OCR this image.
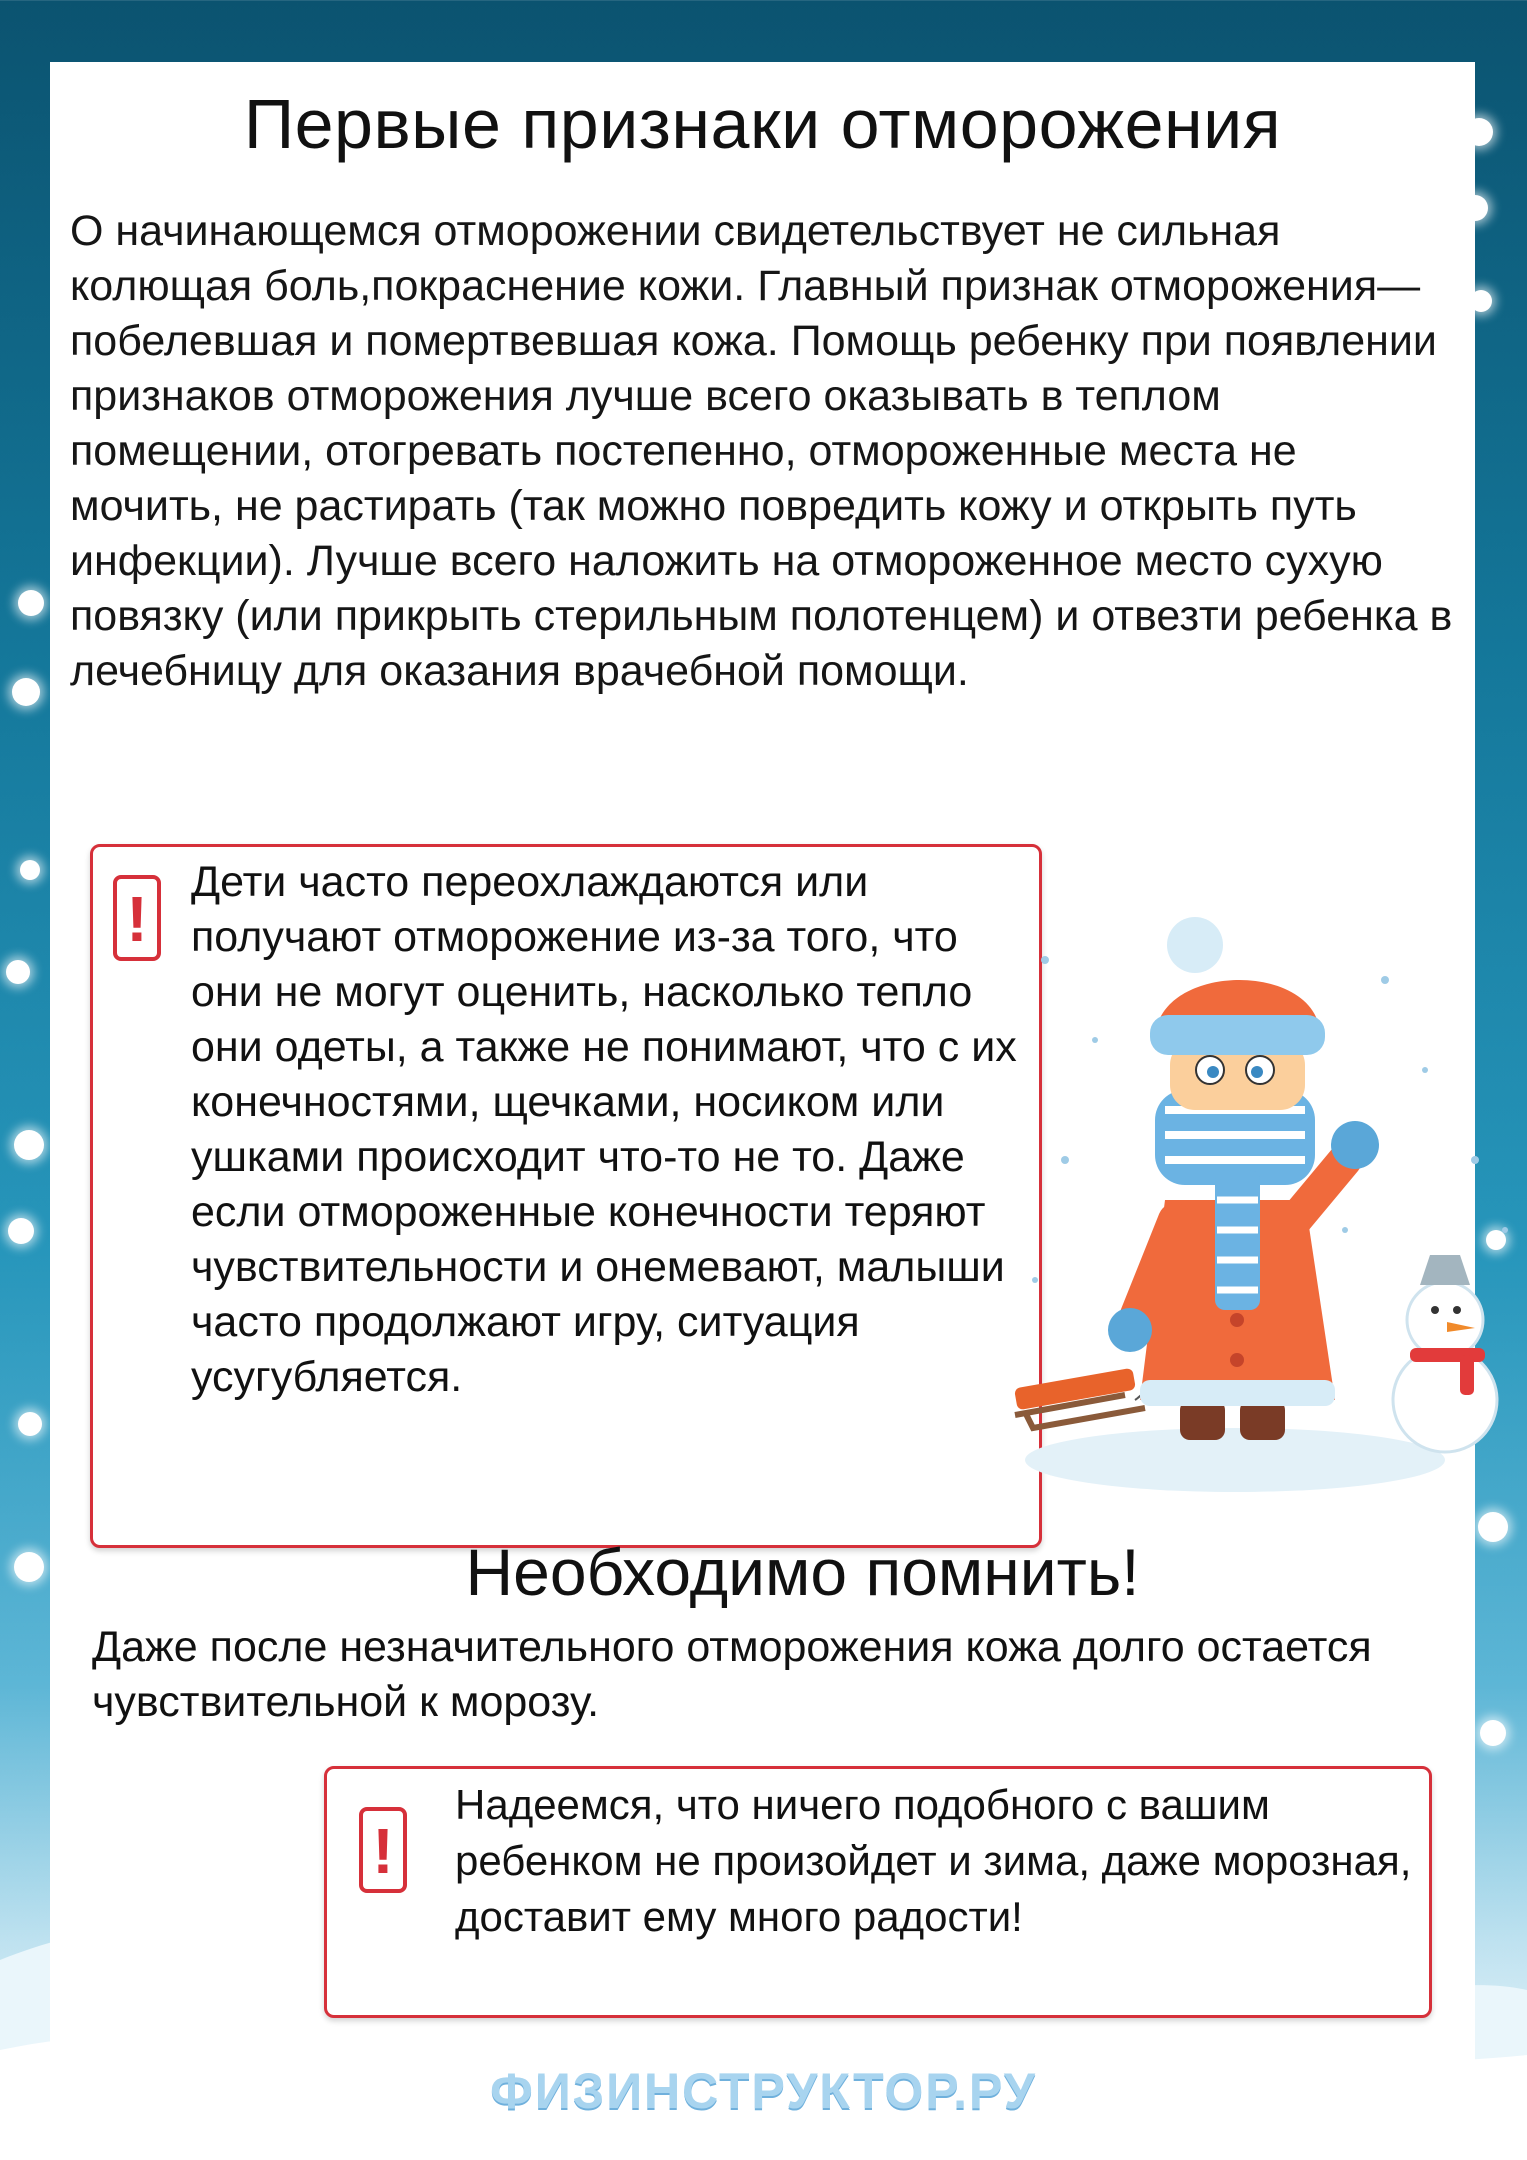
Первые признаки отморожения

О начинающемся отморожении свидетельствует не сильная колющая боль,покраснение кожи. Главный признак отморожения—побелевшая и помертвевшая кожа. Помощь ребенку при появлении признаков отморожения лучше всего оказывать в теплом помещении, отогревать постепенно, отмороженные места не мочить, не растирать (так можно повредить кожу и открыть путь инфекции). Лучше всего наложить на отмороженное место сухую повязку (или прикрыть стерильным полотенцем) и отвезти ребенка в лечебницу для оказания врачебной помощи.

!

Дети часто переохлаждаются или получают отморожение из-за того, что они не могут оценить, насколько тепло они одеты, а также не понимают, что с их конечностями, щечками, носиком или ушками происходит что-то не то. Даже если отмороженные конечности теряют чувствительности и онемевают, малыши часто продолжают игру, ситуация усугубляется.

Необходимо помнить!

Даже после незначительного отморожения кожа долго остается чувствительной к морозу.

!

Надеемся, что ничего подобного с вашим ребенком не произойдет и зима, даже морозная, доставит ему много радости!

ФИЗИНСТРУКТОР.РУ
